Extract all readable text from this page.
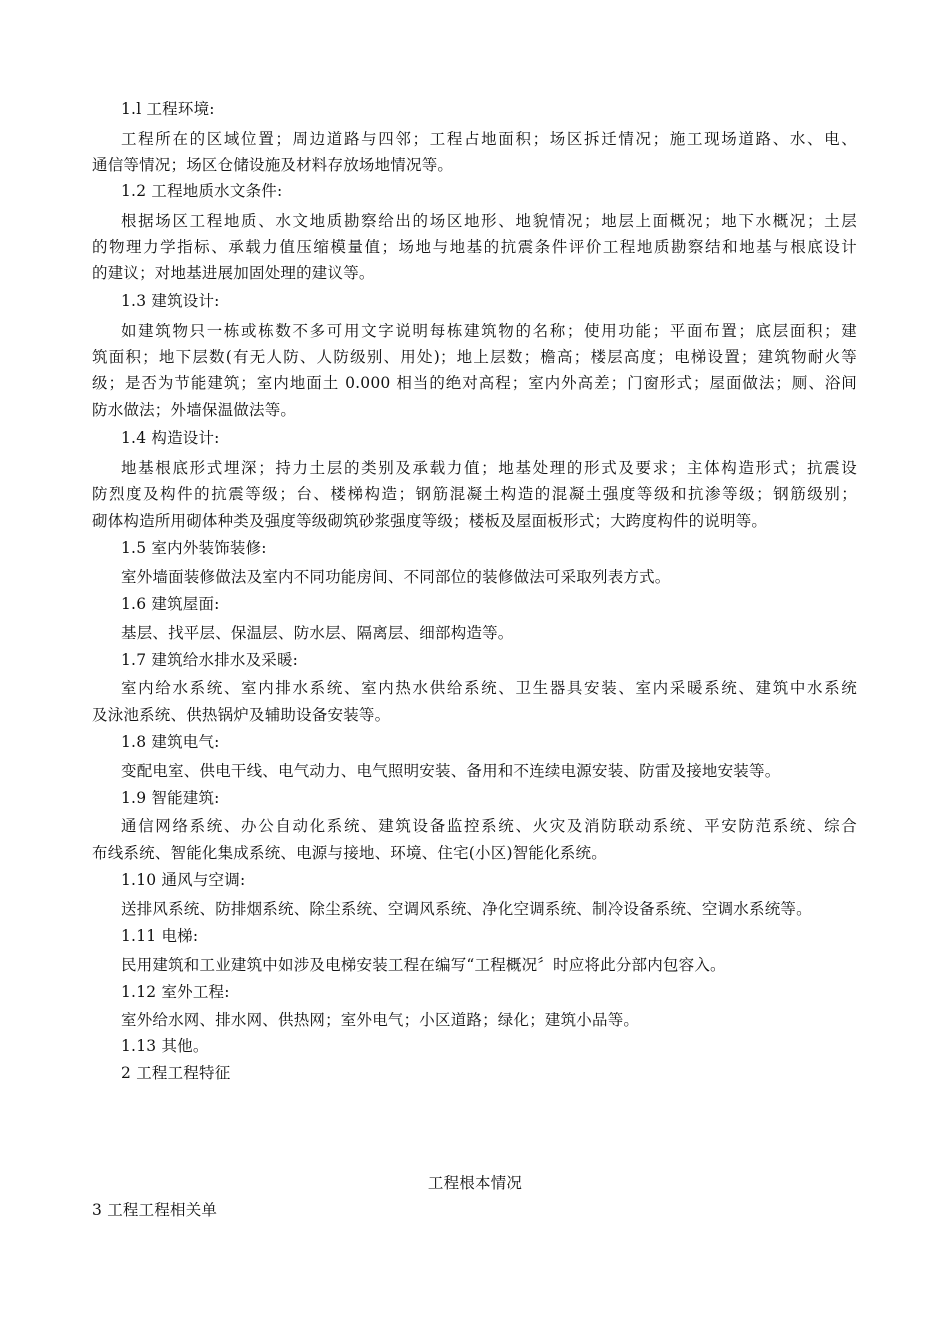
1.l 工程环境:
工程所在的区域位置；周边道路与四邻；工程占地面积；场区拆迁情况；施工现场道路、水、电、
通信等情况；场区仓储设施及材料存放场地情况等。
1.2 工程地质水文条件:
根据场区工程地质、水文地质勘察给出的场区地形、地貌情况；地层上面概况；地下水概况；土层
的物理力学指标、承载力值压缩模量值；场地与地基的抗震条件评价工程地质勘察结和地基与根底设计
的建议；对地基进展加固处理的建议等。
1.3 建筑设计:
如建筑物只一栋或栋数不多可用文字说明每栋建筑物的名称；使用功能；平面布置；底层面积；建
筑面积；地下层数(有无人防、人防级别、用处)；地上层数；檐高；楼层高度；电梯设置；建筑物耐火等
级；是否为节能建筑；室内地面土 0.000 相当的绝对高程；室内外高差；门窗形式；屋面做法；厕、浴间
防水做法；外墙保温做法等。
1.4 构造设计:
地基根底形式埋深；持力土层的类别及承载力值；地基处理的形式及要求；主体构造形式；抗震设
防烈度及构件的抗震等级；台、楼梯构造；钢筋混凝土构造的混凝土强度等级和抗渗等级；钢筋级别；
砌体构造所用砌体种类及强度等级砌筑砂浆强度等级；楼板及屋面板形式；大跨度构件的说明等。
1.5 室内外装饰装修:
室外墙面装修做法及室内不同功能房间、不同部位的装修做法可采取列表方式。
1.6 建筑屋面:
基层、找平层、保温层、防水层、隔离层、细部构造等。
1.7 建筑给水排水及采暖:
室内给水系统、室内排水系统、室内热水供给系统、卫生器具安装、室内采暖系统、建筑中水系统
及泳池系统、供热锅炉及辅助设备安装等。
1.8 建筑电气:
变配电室、供电干线、电气动力、电气照明安装、备用和不连续电源安装、防雷及接地安装等。
1.9 智能建筑:
通信网络系统、办公自动化系统、建筑设备监控系统、火灾及消防联动系统、平安防范系统、综合
布线系统、智能化集成系统、电源与接地、环境、住宅(小区)智能化系统。
1.10 通风与空调:
送排风系统、防排烟系统、除尘系统、空调风系统、净化空调系统、制冷设备系统、空调水系统等。
1.11 电梯:
民用建筑和工业建筑中如涉及电梯安装工程在编写“工程概况〞时应将此分部内包容入。
1.12 室外工程:
室外给水网、排水网、供热网；室外电气；小区道路；绿化；建筑小品等。
1.13 其他。
2 工程工程特征
工程根本情况
3 工程工程相关单
